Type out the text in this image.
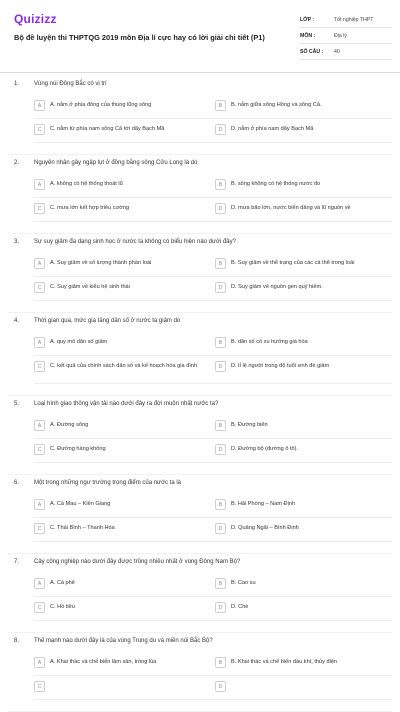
Quizizz
Bộ đề luyện thi THPTQG 2019 môn Địa lí cực hay có lời giải chi tiết (P1)
LỚP :	Tốt nghiệp THPT
MÔN :	Địa lý
SỐ CÂU :	40
1. Vùng núi Đông Bắc có vị trí
A	A. nằm ở phía đông của thung lũng sông	B	B. nằm giữa sông Hồng và sông Cả.
C	C. nằm từ phía nam sông Cả tới dãy Bạch Mã	D	D. nằm ở phía nam dãy Bạch Mã
2. Nguyên nhân gây ngập lụt ở đồng bằng sông Cửu Long là do
A	A. không có hệ thống thoát lũ	B	B. sông không có hệ thống nước đo
C	C. mưa lớn kết hợp triều cường	D	D. mưa bão lớn, nước biển dâng và lũ nguồn về
3. Sự suy giảm đa dạng sinh học ở nước ta không có biểu hiện nào dưới đây?
A	A. Suy giảm về số lượng thành phần loài	B	B. Suy giảm về thể trạng của các cá thể trong loài
C	C. Suy giảm về kiểu hệ sinh thái	D	D. Suy giảm về nguồn gen quý hiếm.
4. Thời gian qua, mức gia tăng dân số ở nước ta giảm do
A	A. quy mô dân số giảm	B	B. dân số có xu hướng già hóa
C	C. kết quả của chính sách dân số và kế hoạch hóa gia đình	D	D. tỉ lệ người trong độ tuổi sinh đẻ giảm
5. Loại hình giao thông vận tải nào dưới đây ra đời muộn nhất nước ta?
A	A. Đường sông	B	B. Đường biển
C	C. Đường hàng không	D	D. Đường bộ (đường ô tô).
6. Một trong những ngư trường trọng điểm của nước ta là
A	A. Cà Mau – Kiên Giang	B	B. Hải Phòng – Nam Định
C	C. Thái Bình – Thanh Hóa	D	D. Quảng Ngãi – Bình Định
7. Cây công nghiệp nào dưới đây được trồng nhiều nhất ở vùng Đông Nam Bộ?
A	A. Cà phê	B	B. Cao su
C	C. Hồ tiêu	D	D. Chè
8. Thế mạnh nào dưới đây là của vùng Trung du và miền núi Bắc Bộ?
A	A. Khai thác và chế biến lâm sản, trồng lúa	B	B. Khai thác và chế biến dầu khí, thủy điện
C	D
